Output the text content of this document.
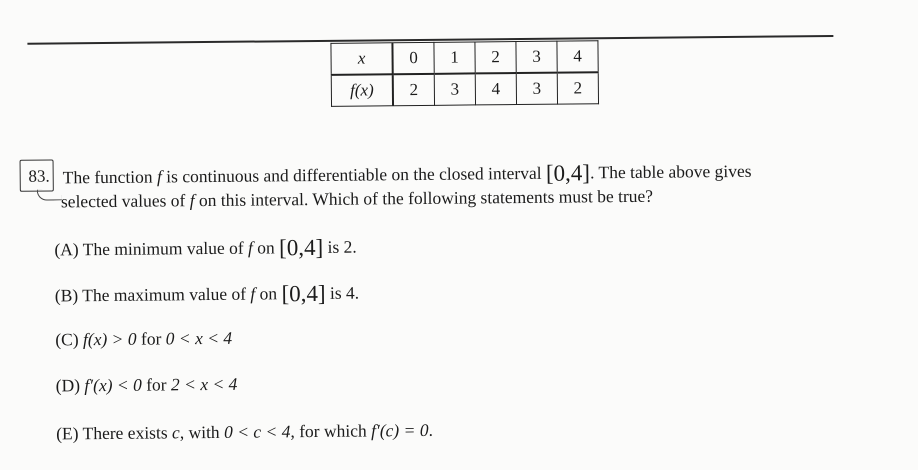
x	0	1	2	3	4
f(x)	2	3	4	3	2
83. The function f is continuous and differentiable on the closed interval [0,4]. The table above gives
selected values of f on this interval. Which of the following statements must be true?
(A) The minimum value of f on [0,4] is 2.
(B) The maximum value of f on [0,4] is 4.
(C) f(x) > 0 for 0 < x < 4
(D) f′(x) < 0 for 2 < x < 4
(E) There exists c, with 0 < c < 4, for which f′(c) = 0.
